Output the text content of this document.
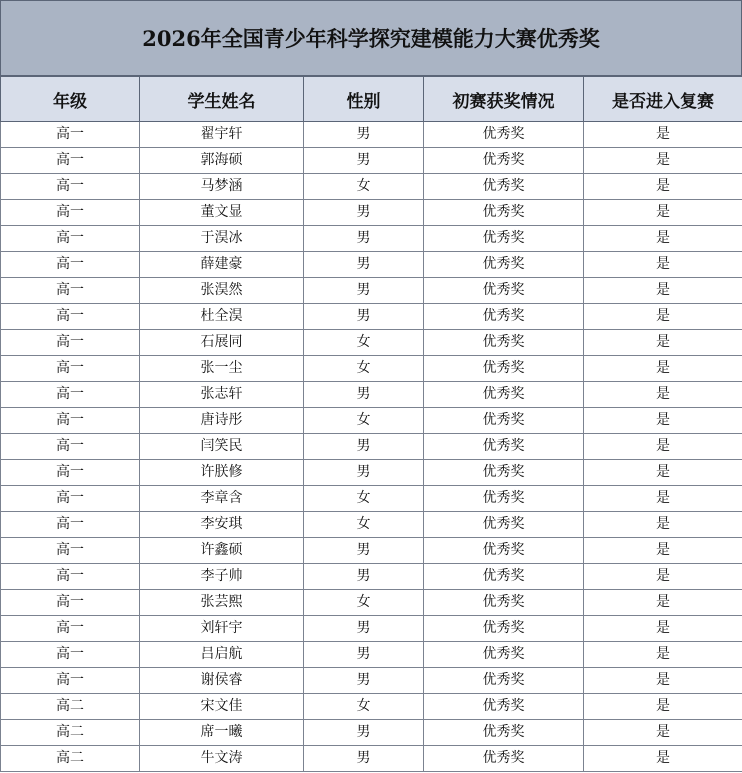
2026年全国青少年科学探究建模能力大赛优秀奖
年级	学生姓名	性别	初赛获奖情况	是否进入复赛
高一	翟宇轩	男	优秀奖	是
高一	郭海硕	男	优秀奖	是
高一	马梦涵	女	优秀奖	是
高一	董文显	男	优秀奖	是
高一	于淏冰	男	优秀奖	是
高一	薛建豪	男	优秀奖	是
高一	张淏然	男	优秀奖	是
高一	杜全淏	男	优秀奖	是
高一	石展同	女	优秀奖	是
高一	张一尘	女	优秀奖	是
高一	张志轩	男	优秀奖	是
高一	唐诗彤	女	优秀奖	是
高一	闫笑民	男	优秀奖	是
高一	许朕修	男	优秀奖	是
高一	李章含	女	优秀奖	是
高一	李安琪	女	优秀奖	是
高一	许鑫硕	男	优秀奖	是
高一	李子帅	男	优秀奖	是
高一	张芸熙	女	优秀奖	是
高一	刘轩宇	男	优秀奖	是
高一	吕启航	男	优秀奖	是
高一	谢侯睿	男	优秀奖	是
高二	宋文佳	女	优秀奖	是
高二	席一曦	男	优秀奖	是
高二	牛文涛	男	优秀奖	是
